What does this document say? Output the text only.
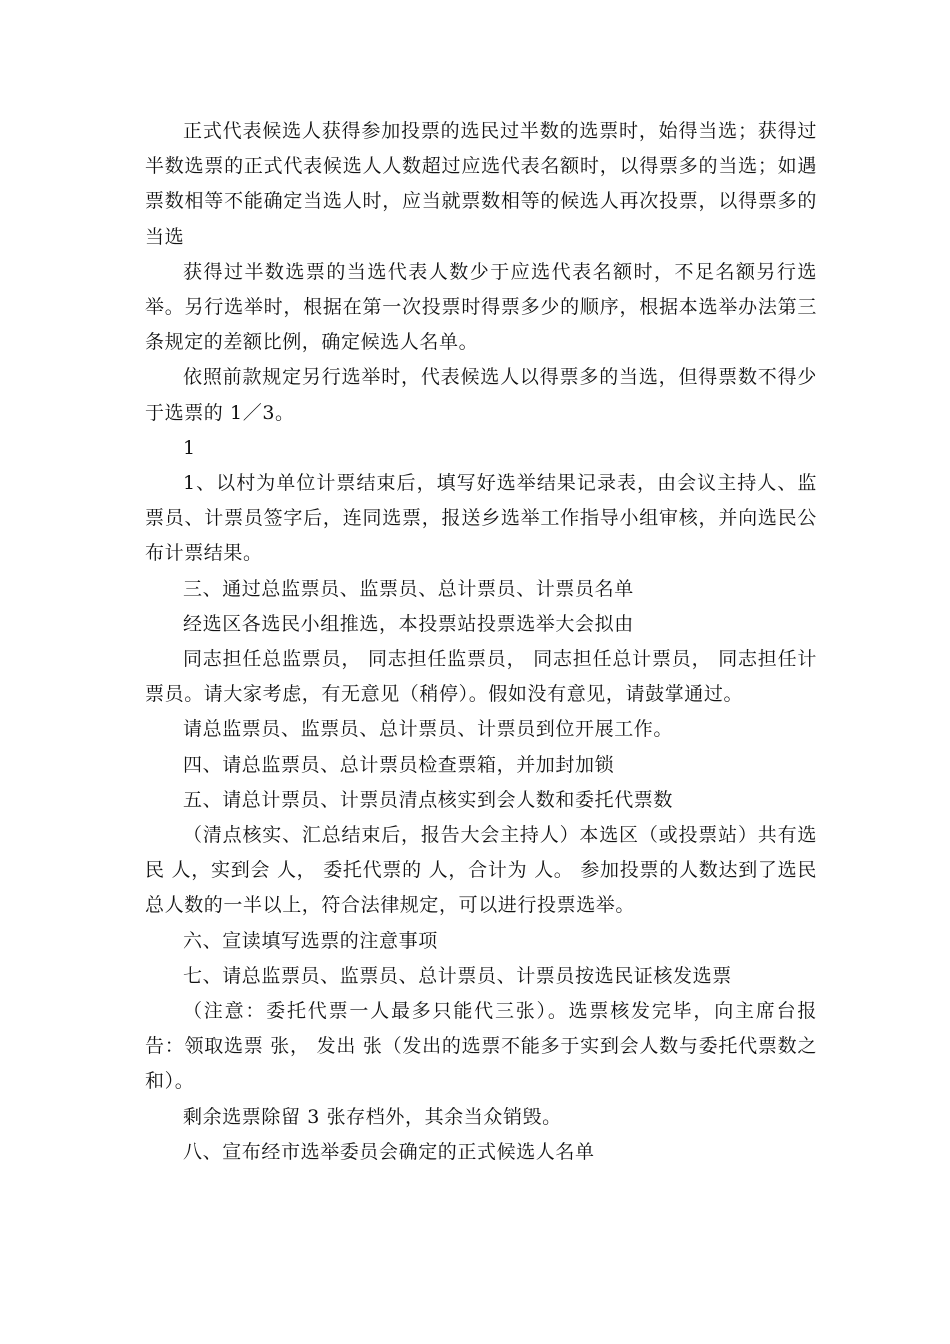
正式代表候选人获得参加投票的选民过半数的选票时，始得当选；获得过半数选票的正式代表候选人人数超过应选代表名额时，以得票多的当选；如遇票数相等不能确定当选人时，应当就票数相等的候选人再次投票，以得票多的当选

获得过半数选票的当选代表人数少于应选代表名额时，不足名额另行选举。另行选举时，根据在第一次投票时得票多少的顺序，根据本选举办法第三条规定的差额比例，确定候选人名单。

依照前款规定另行选举时，代表候选人以得票多的当选，但得票数不得少于选票的 1／3。

1

1、以村为单位计票结束后，填写好选举结果记录表，由会议主持人、监票员、计票员签字后，连同选票，报送乡选举工作指导小组审核，并向选民公布计票结果。

三、通过总监票员、监票员、总计票员、计票员名单

经选区各选民小组推选，本投票站投票选举大会拟由

同志担任总监票员， 同志担任监票员， 同志担任总计票员， 同志担任计票员。请大家考虑，有无意见（稍停）。假如没有意见，请鼓掌通过。

请总监票员、监票员、总计票员、计票员到位开展工作。

四、请总监票员、总计票员检查票箱，并加封加锁

五、请总计票员、计票员清点核实到会人数和委托代票数

（清点核实、汇总结束后，报告大会主持人）本选区（或投票站）共有选民 人，实到会 人， 委托代票的 人，合计为 人。 参加投票的人数达到了选民总人数的一半以上，符合法律规定，可以进行投票选举。

六、宣读填写选票的注意事项

七、请总监票员、监票员、总计票员、计票员按选民证核发选票

（注意：委托代票一人最多只能代三张）。选票核发完毕，向主席台报告：领取选票 张， 发出 张（发出的选票不能多于实到会人数与委托代票数之和）。

剩余选票除留 3 张存档外，其余当众销毁。

八、宣布经市选举委员会确定的正式候选人名单
